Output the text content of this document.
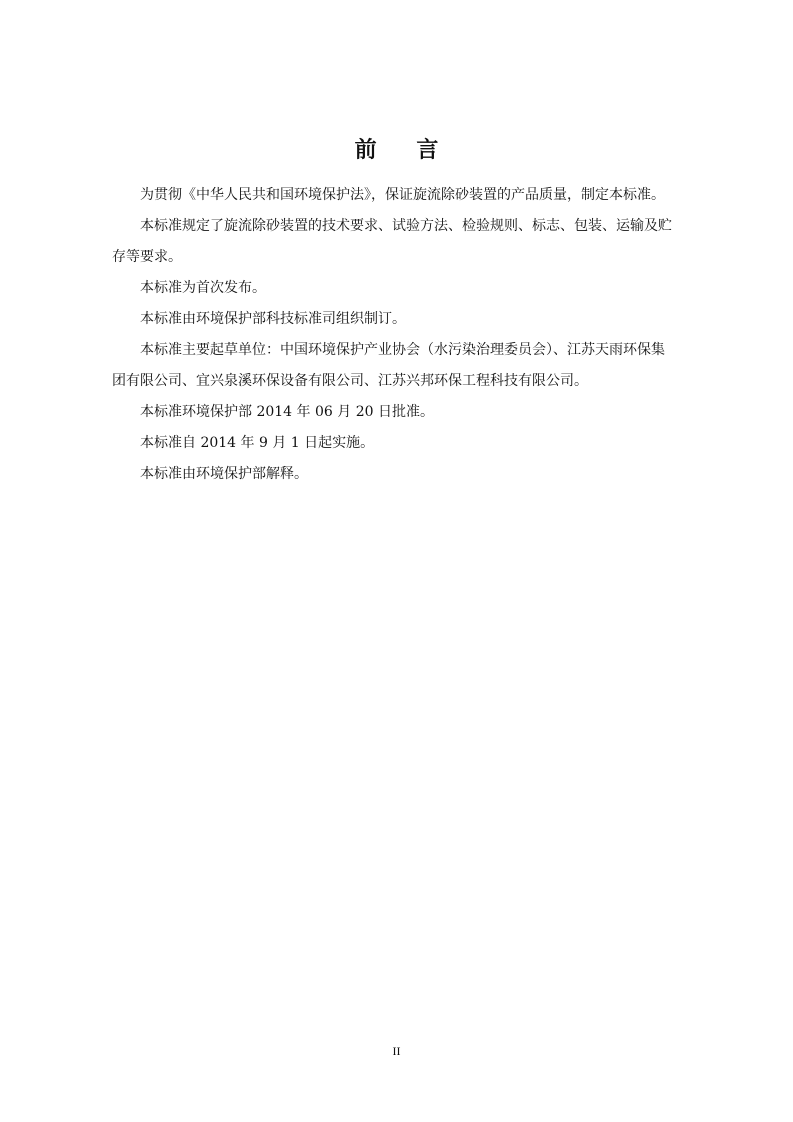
前 言

为贯彻《中华人民共和国环境保护法》，保证旋流除砂装置的产品质量，制定本标准。

本标准规定了旋流除砂装置的技术要求、试验方法、检验规则、标志、包装、运输及贮存等要求。

本标准为首次发布。

本标准由环境保护部科技标准司组织制订。

本标准主要起草单位：中国环境保护产业协会（水污染治理委员会）、江苏天雨环保集团有限公司、宜兴泉溪环保设备有限公司、江苏兴邦环保工程科技有限公司。

本标准环境保护部 2014 年 06 月 20 日批准。

本标准自 2014 年 9 月 1 日起实施。

本标准由环境保护部解释。

II
